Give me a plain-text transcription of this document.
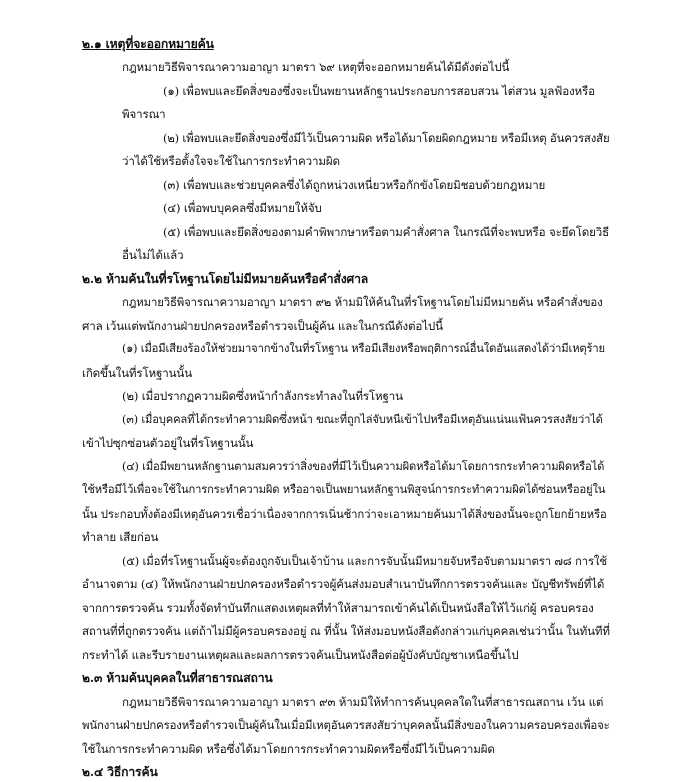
๒.๑ เหตุที่จะออกหมายค้น
กฎหมายวิธีพิจารณาความอาญา มาตรา ๖๙ เหตุที่จะออกหมายค้นได้มีดังต่อไปนี้
(๑) เพื่อพบและยึดสิ่งของซึ่งจะเป็นพยานหลักฐานประกอบการสอบสวน ไต่สวน มูลฟ้องหรือ
พิจารณา
(๒) เพื่อพบและยึดสิ่งของซึ่งมีไว้เป็นความผิด หรือได้มาโดยผิดกฎหมาย หรือมีเหตุ อันควรสงสัย
ว่าได้ใช้หรือตั้งใจจะใช้ในการกระทำความผิด
(๓) เพื่อพบและช่วยบุคคลซึ่งได้ถูกหน่วงเหนี่ยวหรือกักขังโดยมิชอบด้วยกฎหมาย
(๔) เพื่อพบบุคคลซึ่งมีหมายให้จับ
(๕) เพื่อพบและยึดสิ่งของตามคำพิพากษาหรือตามคำสั่งศาล ในกรณีที่จะพบหรือ จะยึดโดยวิธี
อื่นไม่ได้แล้ว
๒.๒ ห้ามค้นในที่รโหฐานโดยไม่มีหมายค้นหรือคำสั่งศาล
กฎหมายวิธีพิจารณาความอาญา มาตรา ๙๒ ห้ามมิให้ค้นในที่รโหฐานโดยไม่มีหมายค้น หรือคำสั่งของ
ศาล เว้นแต่พนักงานฝ่ายปกครองหรือตำรวจเป็นผู้ค้น และในกรณีดังต่อไปนี้
(๑) เมื่อมีเสียงร้องให้ช่วยมาจากข้างในที่รโหฐาน หรือมีเสียงหรือพฤติการณ์อื่นใดอันแสดงได้ว่ามีเหตุร้าย
เกิดขึ้นในที่รโหฐานนั้น
(๒) เมื่อปรากฏความผิดซึ่งหน้ากำลังกระทำลงในที่รโหฐาน
(๓) เมื่อบุคคลที่ได้กระทำความผิดซึ่งหน้า ขณะที่ถูกไล่จับหนีเข้าไปหรือมีเหตุอันแน่นแฟ้นควรสงสัยว่าได้
เข้าไปซุกซ่อนตัวอยู่ในที่รโหฐานนั้น
(๔) เมื่อมีพยานหลักฐานตามสมควรว่าสิ่งของที่มีไว้เป็นความผิดหรือได้มาโดยการกระทำความผิดหรือได้
ใช้หรือมีไว้เพื่อจะใช้ในการกระทำความผิด หรืออาจเป็นพยานหลักฐานพิสูจน์การกระทำความผิดได้ซ่อนหรืออยู่ใน
นั้น ประกอบทั้งต้องมีเหตุอันควรเชื่อว่าเนื่องจากการเนิ่นช้ากว่าจะเอาหมายค้นมาได้สิ่งของนั้นจะถูกโยกย้ายหรือ
ทำลาย เสียก่อน
(๕) เมื่อที่รโหฐานนั้นผู้จะต้องถูกจับเป็นเจ้าบ้าน และการจับนั้นมีหมายจับหรือจับตามมาตรา ๗๘ การใช้
อำนาจตาม (๔) ให้พนักงานฝ่ายปกครองหรือตำรวจผู้ค้นส่งมอบสำเนาบันทึกการตรวจค้นและ บัญชีทรัพย์ที่ได้
จากการตรวจค้น รวมทั้งจัดทำบันทึกแสดงเหตุผลที่ทำให้สามารถเข้าค้นได้เป็นหนังสือให้ไว้แก่ผู้ ครอบครอง
สถานที่ที่ถูกตรวจค้น แต่ถ้าไม่มีผู้ครอบครองอยู่ ณ ที่นั้น ให้ส่งมอบหนังสือดังกล่าวแก่บุคคลเช่นว่านั้น ในทันทีที่
กระทำได้ และรีบรายงานเหตุผลและผลการตรวจค้นเป็นหนังสือต่อผู้บังคับบัญชาเหนือขึ้นไป
๒.๓ ห้ามค้นบุคคลในที่สาธารณสถาน
กฎหมายวิธีพิจารณาความอาญา มาตรา ๙๓ ห้ามมิให้ทำการค้นบุคคลใดในที่สาธารณสถาน เว้น แต่
พนักงานฝ่ายปกครองหรือตำรวจเป็นผู้ค้นในเมื่อมีเหตุอันควรสงสัยว่าบุคคลนั้นมีสิ่งของในความครอบครองเพื่อจะ
ใช้ในการกระทำความผิด หรือซึ่งได้มาโดยการกระทำความผิดหรือซึ่งมีไว้เป็นความผิด
๒.๔ วิธีการค้น
